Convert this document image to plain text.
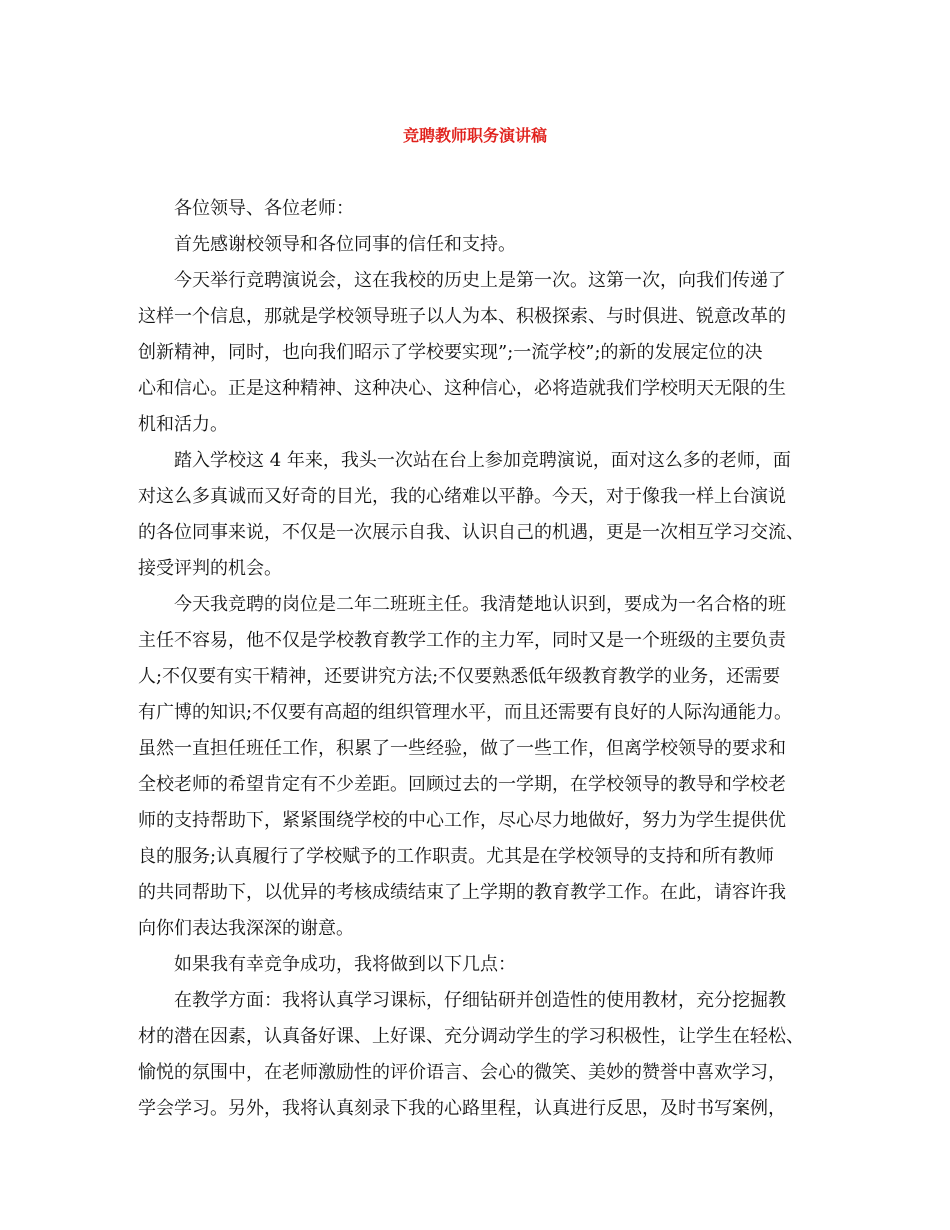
竞聘教师职务演讲稿

各位领导、各位老师：

首先感谢校领导和各位同事的信任和支持。

今天举行竞聘演说会，这在我校的历史上是第一次。这第一次，向我们传递了
这样一个信息，那就是学校领导班子以人为本、积极探索、与时俱进、锐意改革的
创新精神，同时，也向我们昭示了学校要实现”;一流学校”;的新的发展定位的决
心和信心。正是这种精神、这种决心、这种信心，必将造就我们学校明天无限的生
机和活力。

踏入学校这 4 年来，我头一次站在台上参加竞聘演说，面对这么多的老师，面
对这么多真诚而又好奇的目光，我的心绪难以平静。今天，对于像我一样上台演说
的各位同事来说，不仅是一次展示自我、认识自己的机遇，更是一次相互学习交流、
接受评判的机会。

今天我竞聘的岗位是二年二班班主任。我清楚地认识到，要成为一名合格的班
主任不容易，他不仅是学校教育教学工作的主力军，同时又是一个班级的主要负责
人;不仅要有实干精神，还要讲究方法;不仅要熟悉低年级教育教学的业务，还需要
有广博的知识;不仅要有高超的组织管理水平，而且还需要有良好的人际沟通能力。
虽然一直担任班任工作，积累了一些经验，做了一些工作，但离学校领导的要求和
全校老师的希望肯定有不少差距。回顾过去的一学期，在学校领导的教导和学校老
师的支持帮助下，紧紧围绕学校的中心工作，尽心尽力地做好，努力为学生提供优
良的服务;认真履行了学校赋予的工作职责。尤其是在学校领导的支持和所有教师
的共同帮助下，以优异的考核成绩结束了上学期的教育教学工作。在此，请容许我
向你们表达我深深的谢意。

如果我有幸竞争成功，我将做到以下几点：

在教学方面：我将认真学习课标，仔细钻研并创造性的使用教材，充分挖掘教
材的潜在因素，认真备好课、上好课、充分调动学生的学习积极性，让学生在轻松、
愉悦的氛围中，在老师激励性的评价语言、会心的微笑、美妙的赞誉中喜欢学习，
学会学习。另外，我将认真刻录下我的心路里程，认真进行反思，及时书写案例，
